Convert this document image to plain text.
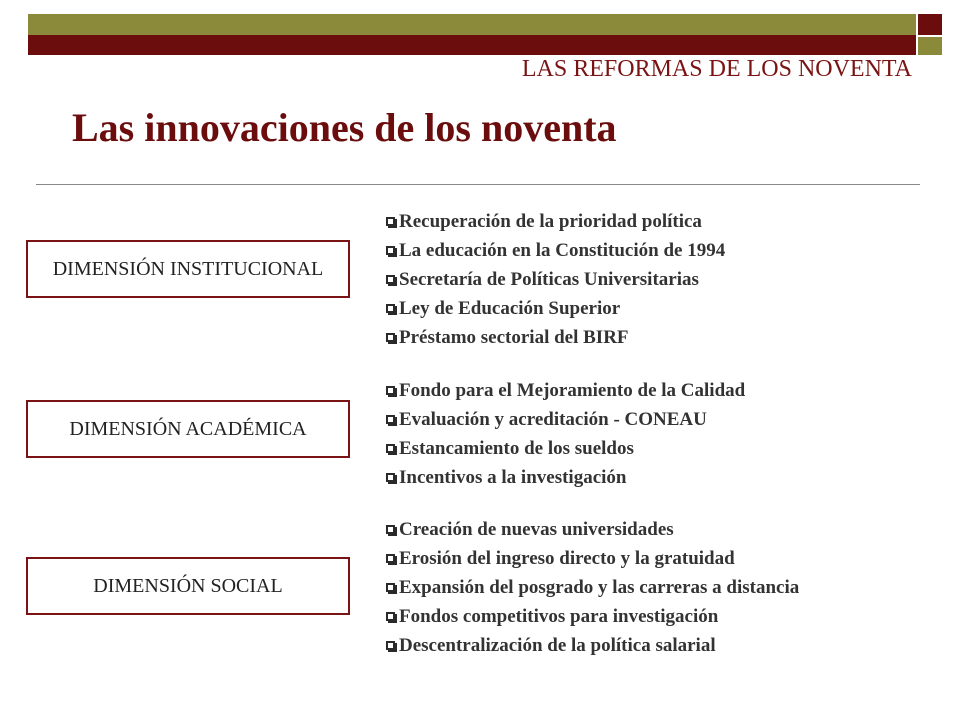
LAS REFORMAS DE LOS NOVENTA
Las innovaciones de los noventa
DIMENSIÓN INSTITUCIONAL
DIMENSIÓN ACADÉMICA
DIMENSIÓN SOCIAL
Recuperación de la prioridad política
La educación en la Constitución de 1994
Secretaría de Políticas Universitarias
Ley de Educación Superior
Préstamo sectorial del BIRF
Fondo para el Mejoramiento de la Calidad
Evaluación y acreditación - CONEAU
Estancamiento de los sueldos
Incentivos a la investigación
Creación de nuevas universidades
Erosión del ingreso directo y la gratuidad
Expansión del posgrado y las carreras a distancia
Fondos competitivos para investigación
Descentralización de la política salarial
